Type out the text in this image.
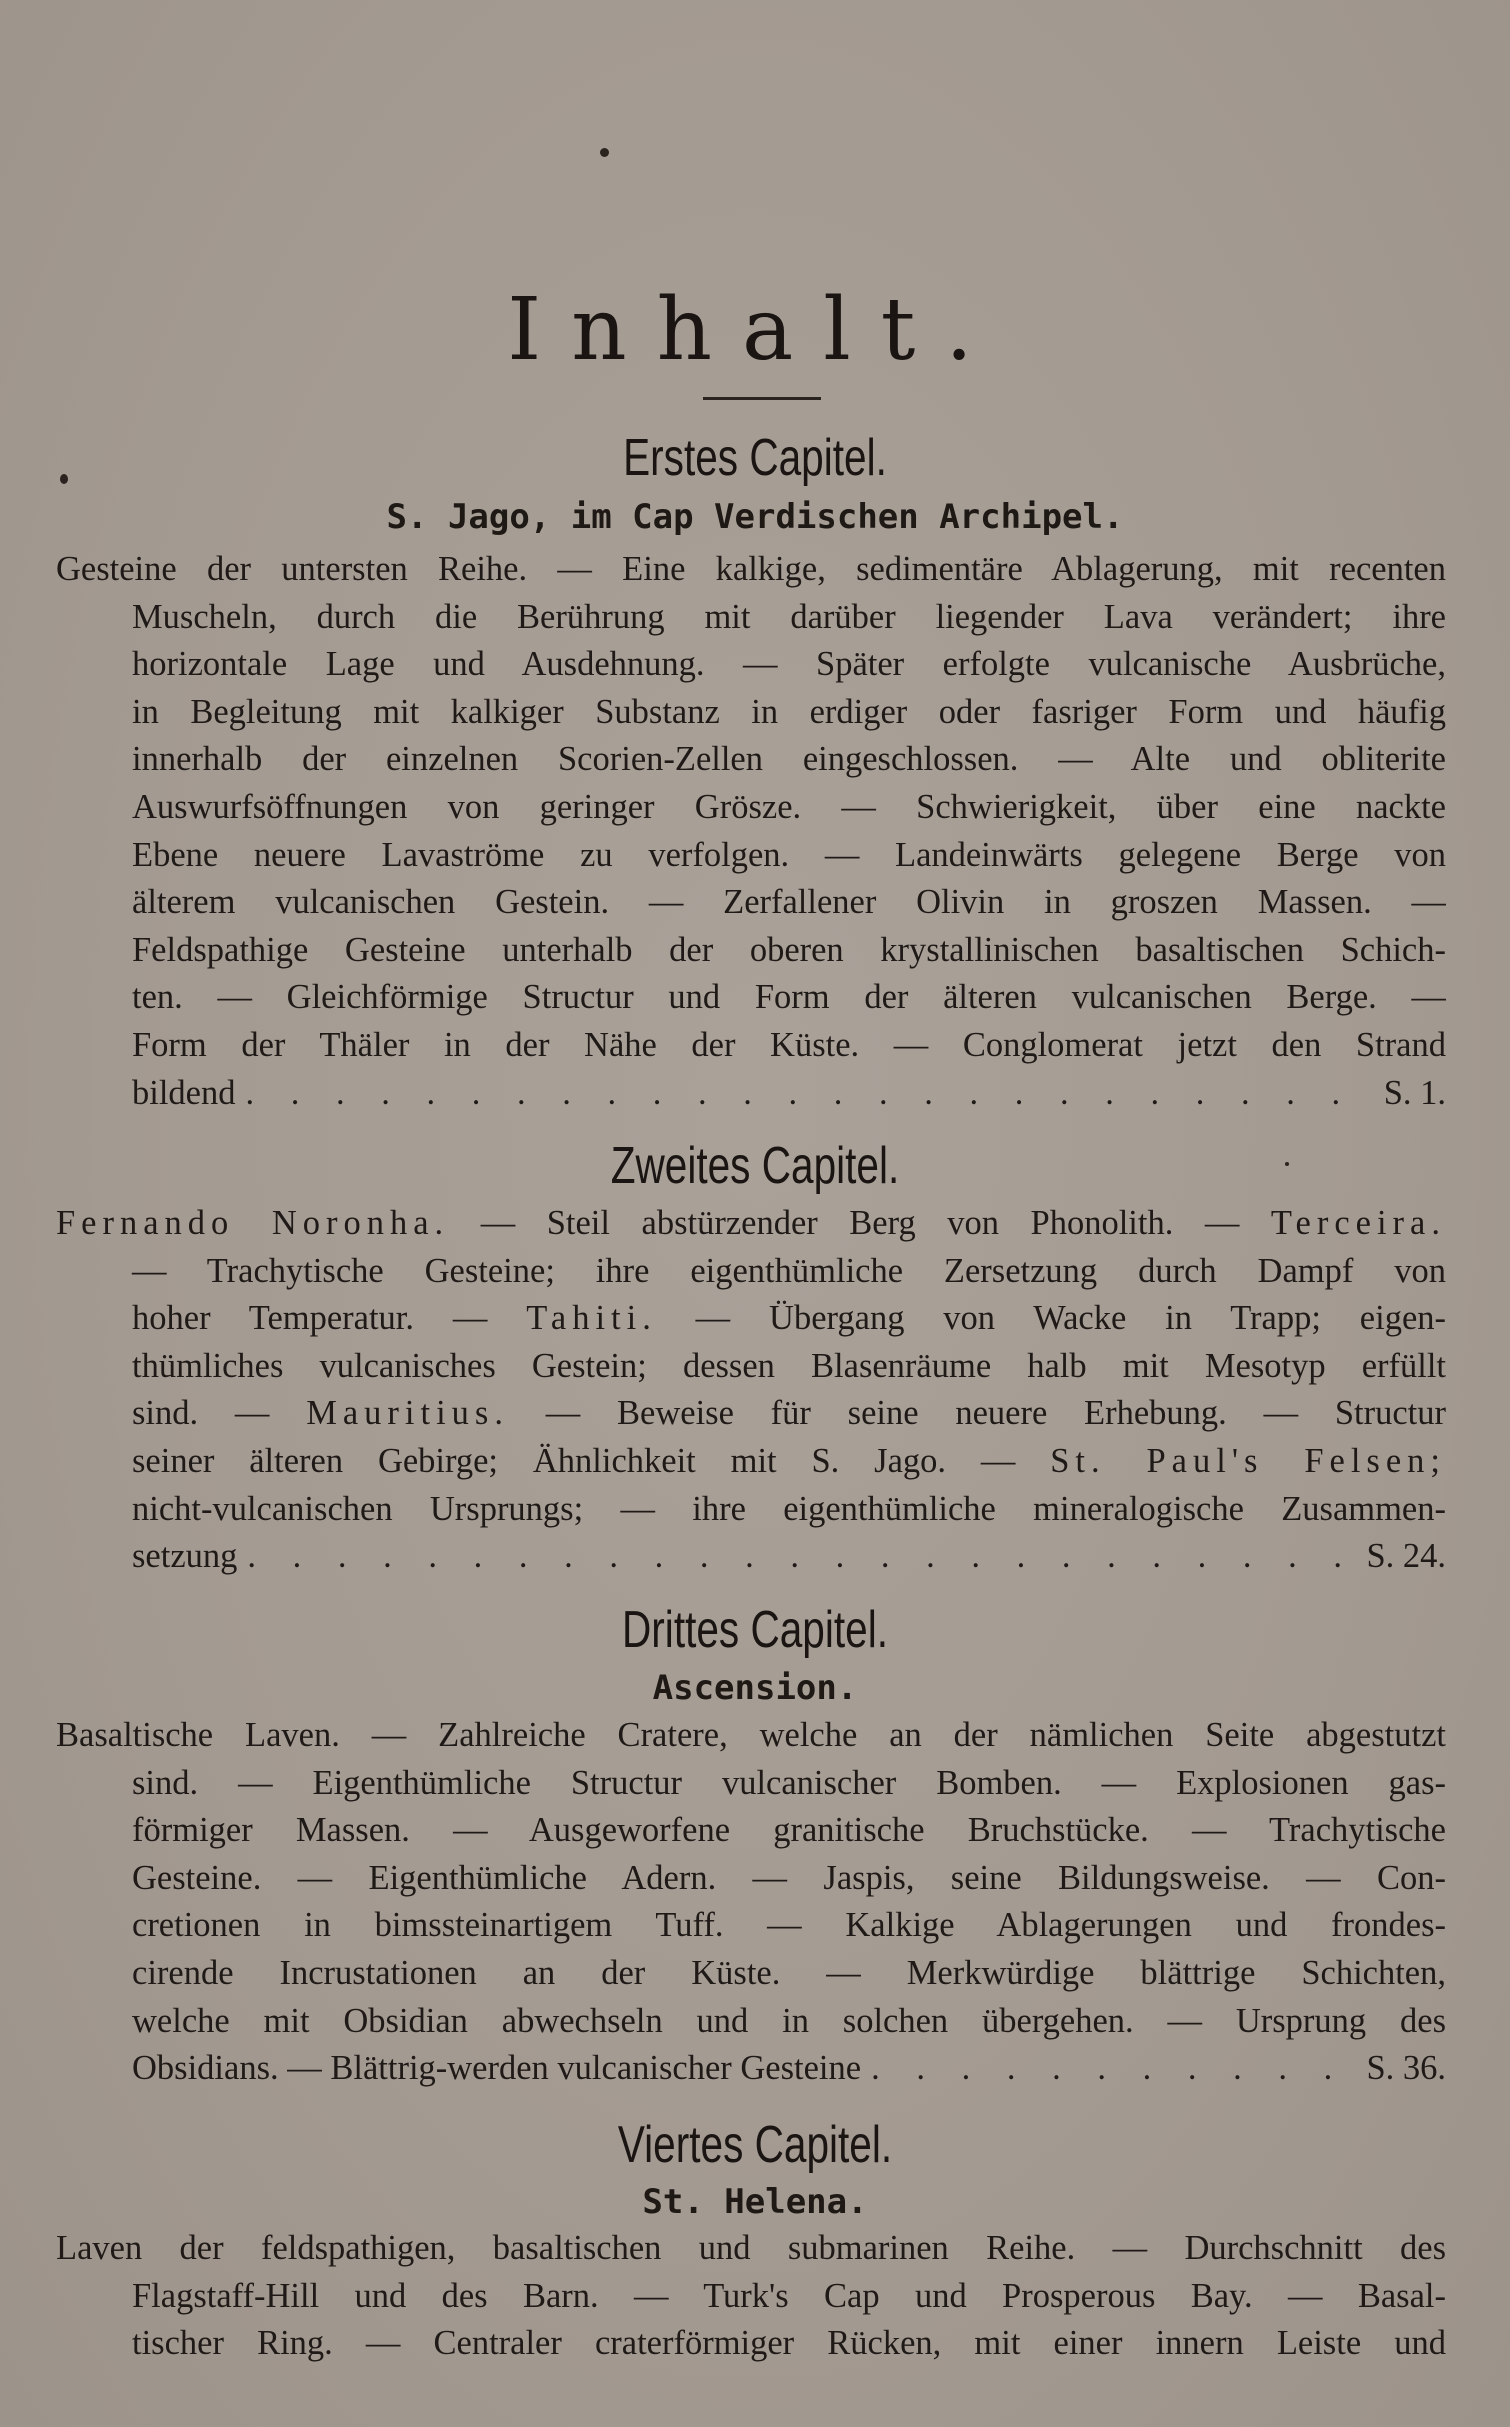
Inhalt.
Erstes Capitel.
S. Jago, im Cap Verdischen Archipel.
Gesteine der untersten Reihe. — Eine kalkige, sedimentäre Ablagerung, mit recenten
Muscheln, durch die Berührung mit darüber liegender Lava verändert; ihre
horizontale Lage und Ausdehnung. — Später erfolgte vulcanische Ausbrüche,
in Begleitung mit kalkiger Substanz in erdiger oder fasriger Form und häufig
innerhalb der einzelnen Scorien-Zellen eingeschlossen. — Alte und obliterite
Auswurfsöffnungen von geringer Grösze. — Schwierigkeit, über eine nackte
Ebene neuere Lavaströme zu verfolgen. — Landeinwärts gelegene Berge von
älterem vulcanischen Gestein. — Zerfallener Olivin in groszen Massen. —
Feldspathige Gesteine unterhalb der oberen krystallinischen basaltischen Schich-
ten. — Gleichförmige Structur und Form der älteren vulcanischen Berge. —
Form der Thäler in der Nähe der Küste. — Conglomerat jetzt den Strand
bildend . . .	S. 1.
Zweites Capitel.
Fernando Noronha. — Steil abstürzender Berg von Phonolith. — Terceira.
— Trachytische Gesteine; ihre eigenthümliche Zersetzung durch Dampf von
hoher Temperatur. — Tahiti. — Übergang von Wacke in Trapp; eigen-
thümliches vulcanisches Gestein; dessen Blasenräume halb mit Mesotyp erfüllt
sind. — Mauritius. — Beweise für seine neuere Erhebung. — Structur
seiner älteren Gebirge; Ähnlichkeit mit S. Jago. — St. Paul's Felsen;
nicht-vulcanischen Ursprungs; — ihre eigenthümliche mineralogische Zusammen-
setzung . . .	S. 24.
Drittes Capitel.
Ascension.
Basaltische Laven. — Zahlreiche Cratere, welche an der nämlichen Seite abgestutzt
sind. — Eigenthümliche Structur vulcanischer Bomben. — Explosionen gas-
förmiger Massen. — Ausgeworfene granitische Bruchstücke. — Trachytische
Gesteine. — Eigenthümliche Adern. — Jaspis, seine Bildungsweise. — Con-
cretionen in bimssteinartigem Tuff. — Kalkige Ablagerungen und frondes-
cirende Incrustationen an der Küste. — Merkwürdige blättrige Schichten,
welche mit Obsidian abwechseln und in solchen übergehen. — Ursprung des
Obsidians. — Blättrig-werden vulcanischer Gesteine . . .	S. 36.
Viertes Capitel.
St. Helena.
Laven der feldspathigen, basaltischen und submarinen Reihe. — Durchschnitt des
Flagstaff-Hill und des Barn. — Turk's Cap und Prosperous Bay. — Basal-
tischer Ring. — Centraler craterförmiger Rücken, mit einer innern Leiste und
